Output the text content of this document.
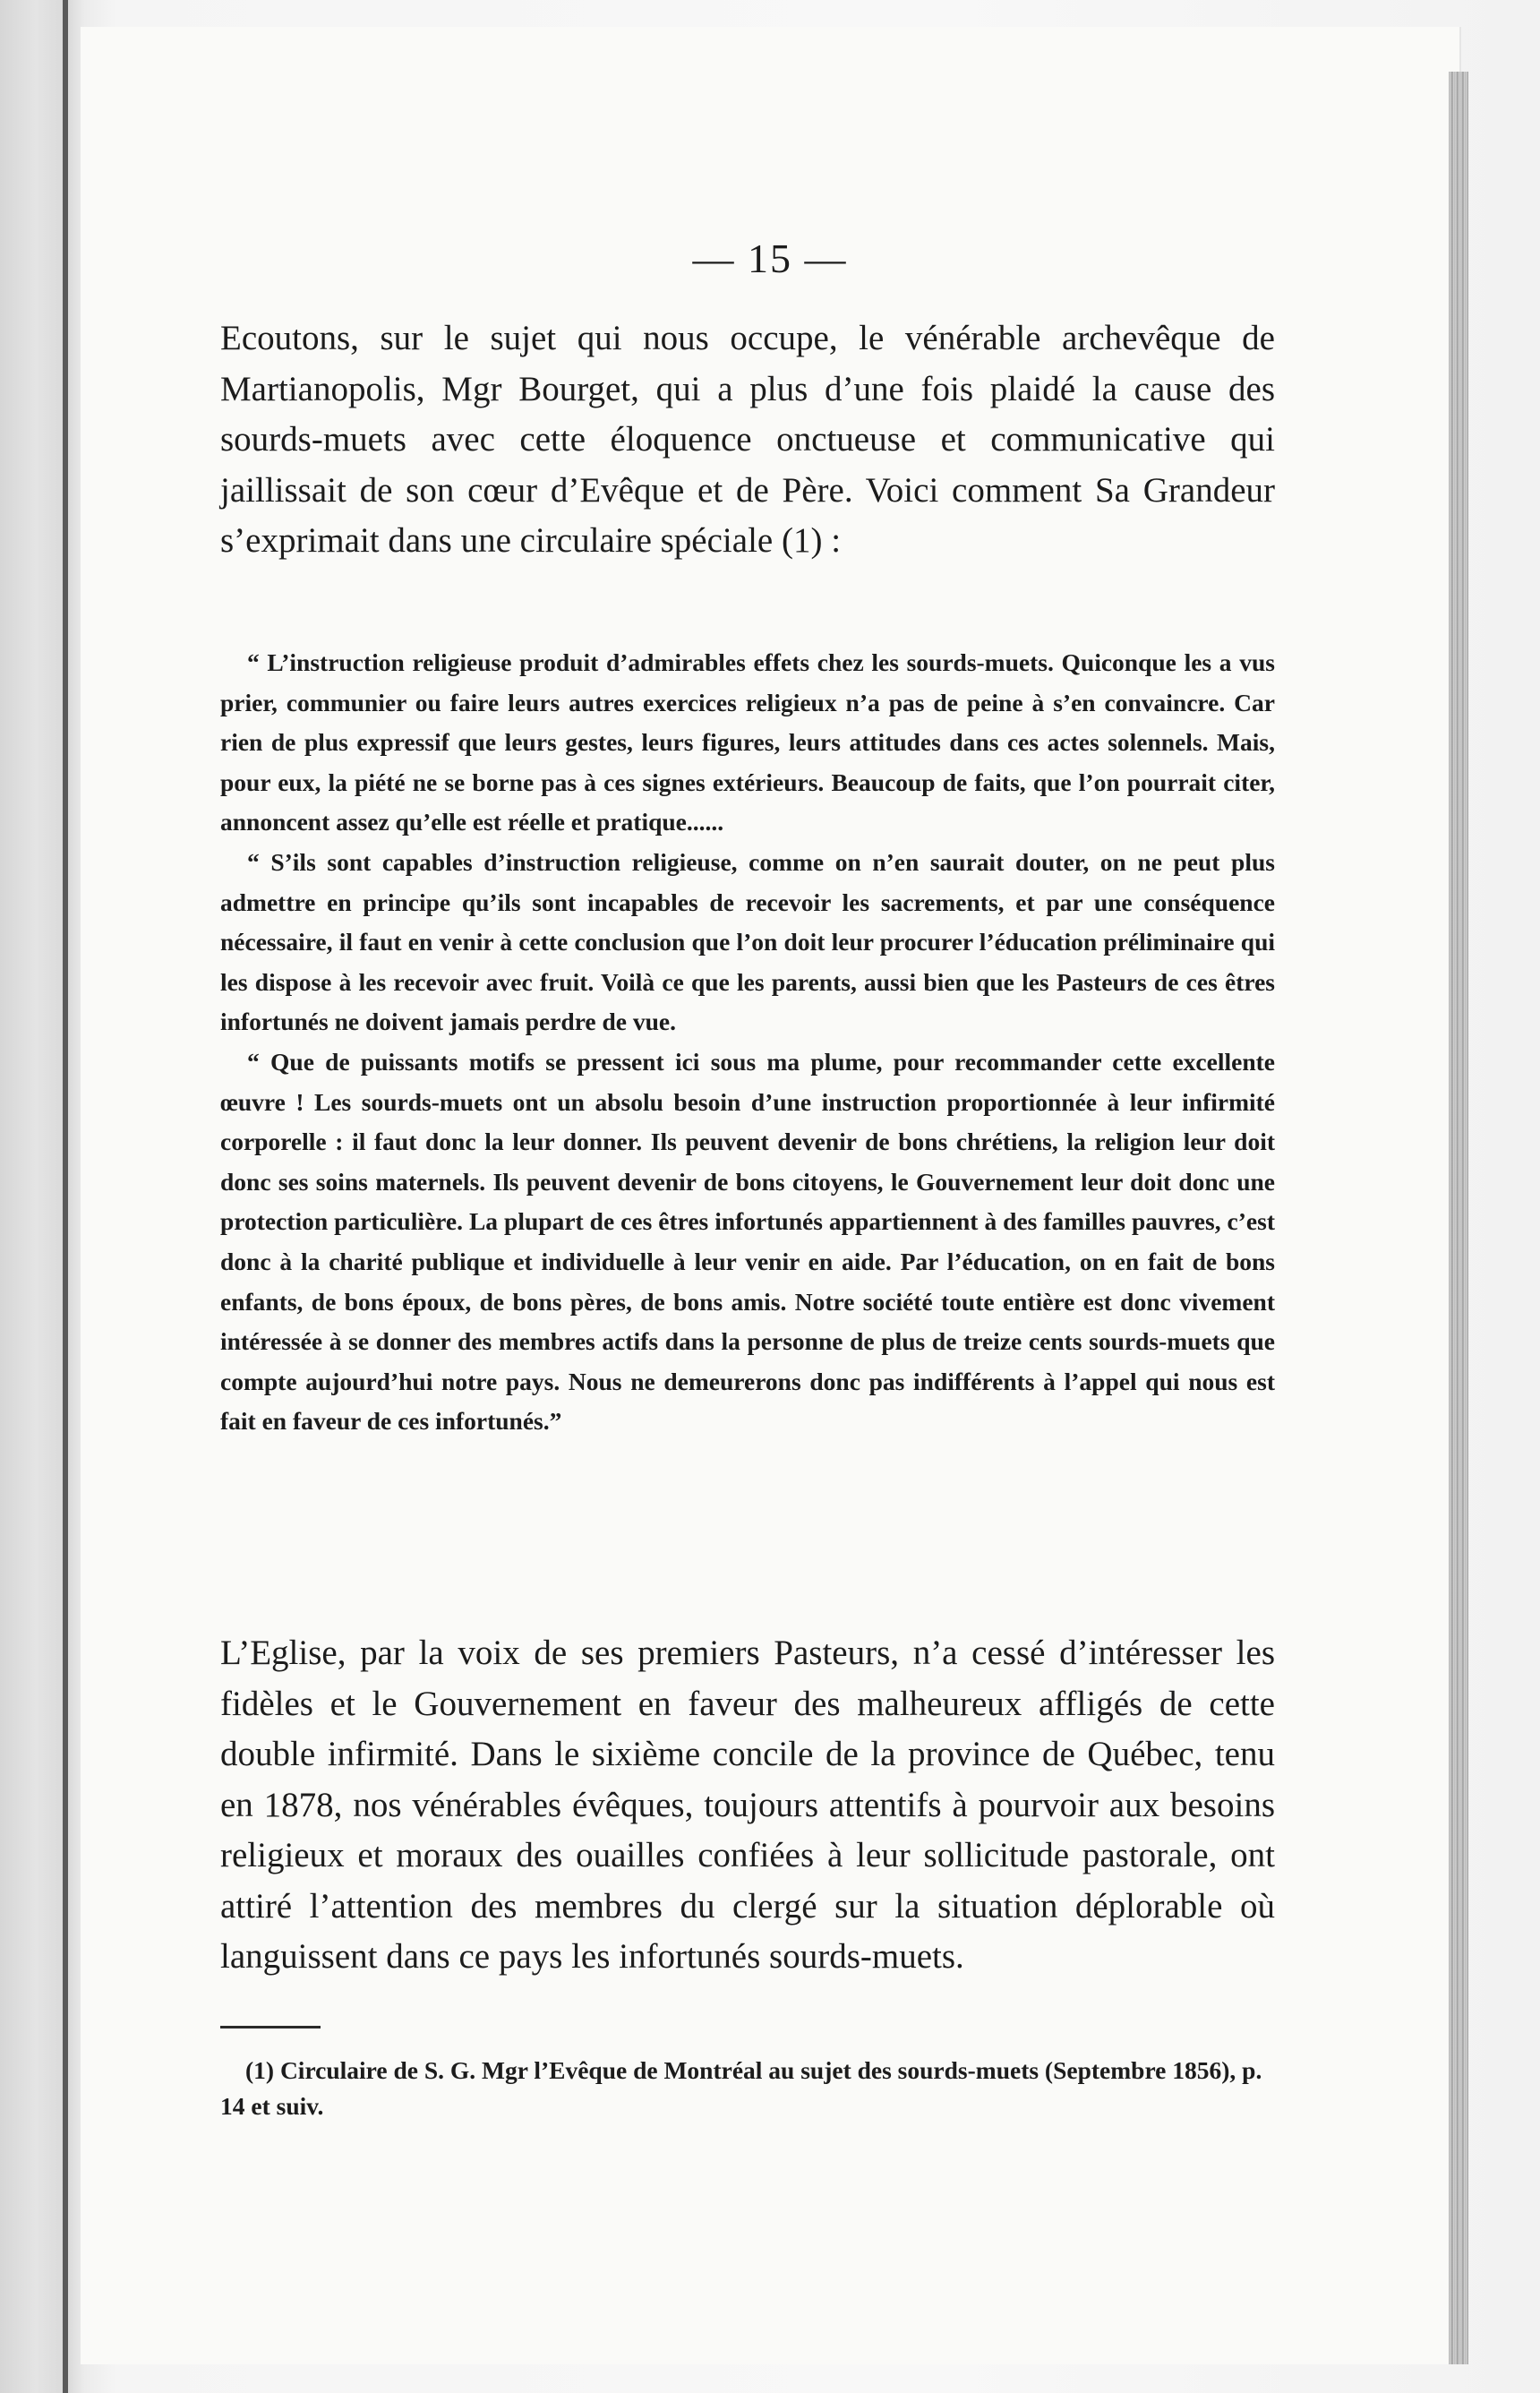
— 15 —

Ecoutons, sur le sujet qui nous occupe, le vénérable archevêque de Martianopolis, Mgr Bourget, qui a plus d’une fois plaidé la cause des sourds-muets avec cette éloquence onctueuse et communicative qui jaillissait de son cœur d’Evêque et de Père. Voici comment Sa Grandeur s’exprimait dans une circulaire spéciale (1) :

“ L’instruction religieuse produit d’admirables effets chez les sourds-muets. Quiconque les a vus prier, communier ou faire leurs autres exercices religieux n’a pas de peine à s’en convaincre. Car rien de plus expressif que leurs gestes, leurs figures, leurs attitudes dans ces actes solennels. Mais, pour eux, la piété ne se borne pas à ces signes extérieurs. Beaucoup de faits, que l’on pourrait citer, annoncent assez qu’elle est réelle et pratique......

“ S’ils sont capables d’instruction religieuse, comme on n’en saurait douter, on ne peut plus admettre en principe qu’ils sont incapables de recevoir les sacrements, et par une conséquence nécessaire, il faut en venir à cette conclusion que l’on doit leur procurer l’éducation préliminaire qui les dispose à les recevoir avec fruit. Voilà ce que les parents, aussi bien que les Pasteurs de ces êtres infortunés ne doivent jamais perdre de vue.

“ Que de puissants motifs se pressent ici sous ma plume, pour recommander cette excellente œuvre ! Les sourds-muets ont un absolu besoin d’une instruction proportionnée à leur infirmité corporelle : il faut donc la leur donner. Ils peuvent devenir de bons chrétiens, la religion leur doit donc ses soins maternels. Ils peuvent devenir de bons citoyens, le Gouvernement leur doit donc une protection particulière. La plupart de ces êtres infortunés appartiennent à des familles pauvres, c’est donc à la charité publique et individuelle à leur venir en aide. Par l’éducation, on en fait de bons enfants, de bons époux, de bons pères, de bons amis. Notre société toute entière est donc vivement intéressée à se donner des membres actifs dans la personne de plus de treize cents sourds-muets que compte aujourd’hui notre pays. Nous ne demeurerons donc pas indifférents à l’appel qui nous est fait en faveur de ces infortunés.”

L’Eglise, par la voix de ses premiers Pasteurs, n’a cessé d’intéresser les fidèles et le Gouvernement en faveur des malheureux affligés de cette double infirmité. Dans le sixième concile de la province de Québec, tenu en 1878, nos vénérables évêques, toujours attentifs à pourvoir aux besoins religieux et moraux des ouailles confiées à leur sollicitude pastorale, ont attiré l’attention des membres du clergé sur la situation déplorable où languissent dans ce pays les infortunés sourds-muets.

(1) Circulaire de S. G. Mgr l’Evêque de Montréal au sujet des sourds-muets (Septembre 1856), p. 14 et suiv.
